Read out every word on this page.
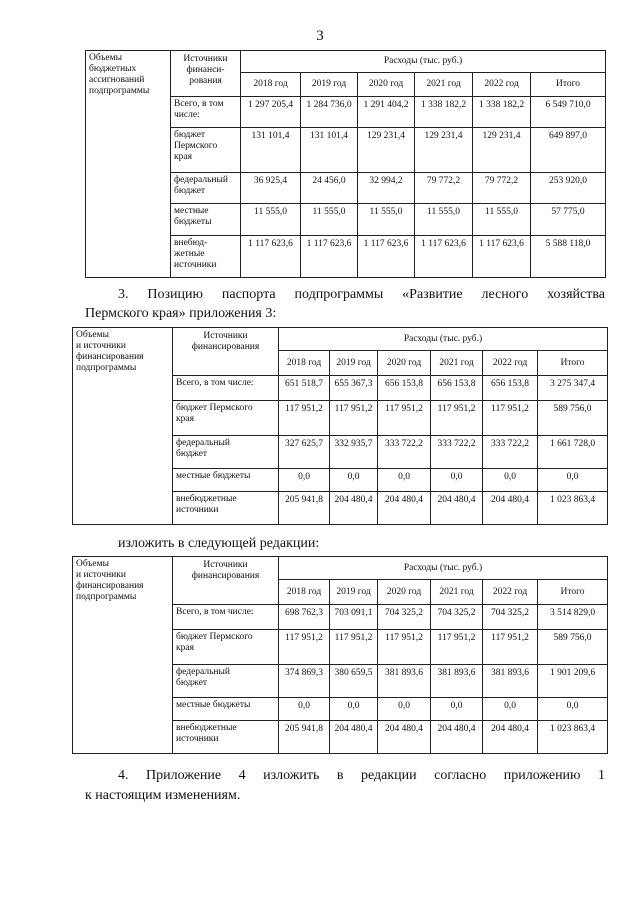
3
Объемы
бюджетных
ассигнований
подпрограммы	Источники
финанси-
рования	Расходы (тыс. руб.)					
		2018 год	2019 год	2020 год	2021 год	2022 год	Итого
	Всего, в том
числе:	1 297 205,4	1 284 736,0	1 291 404,2	1 338 182,2	1 338 182,2	6 549 710,0
	бюджет
Пермского
края	131 101,4	131 101,4	129 231,4	129 231,4	129 231,4	649 897,0
	федеральный
бюджет	36 925,4	24 456,0	32 994,2	79 772,2	79 772,2	253 920,0
	местные
бюджеты	11 555,0	11 555,0	11 555,0	11 555,0	11 555,0	57 775,0
	внебюд-
жетные
источники	1 117 623,6	1 117 623,6	1 117 623,6	1 117 623,6	1 117 623,6	5 588 118,0
3. Позицию паспорта подпрограммы «Развитие лесного хозяйства
Пермского края» приложения 3:
Объемы
и источники
финансирования
подпрограммы	Источники
финансирования	Расходы (тыс. руб.)					
		2018 год	2019 год	2020 год	2021 год	2022 год	Итого
	Всего, в том числе:	651 518,7	655 367,3	656 153,8	656 153,8	656 153,8	3 275 347,4
	бюджет Пермского
края	117 951,2	117 951,2	117 951,2	117 951,2	117 951,2	589 756,0
	федеральный
бюджет	327 625,7	332 935,7	333 722,2	333 722,2	333 722,2	1 661 728,0
	местные бюджеты	0,0	0,0	0,0	0,0	0,0	0,0
	внебюджетные
источники	205 941,8	204 480,4	204 480,4	204 480,4	204 480,4	1 023 863,4
изложить в следующей редакции:
Объемы
и источники
финансирования
подпрограммы	Источники
финансирования	Расходы (тыс. руб.)					
		2018 год	2019 год	2020 год	2021 год	2022 год	Итого
	Всего, в том числе:	698 762,3	703 091,1	704 325,2	704 325,2	704 325,2	3 514 829,0
	бюджет Пермского
края	117 951,2	117 951,2	117 951,2	117 951,2	117 951,2	589 756,0
	федеральный
бюджет	374 869,3	380 659,5	381 893,6	381 893,6	381 893,6	1 901 209,6
	местные бюджеты	0,0	0,0	0,0	0,0	0,0	0,0
	внебюджетные
источники	205 941,8	204 480,4	204 480,4	204 480,4	204 480,4	1 023 863,4
4. Приложение 4 изложить в редакции согласно приложению 1
к настоящим изменениям.
